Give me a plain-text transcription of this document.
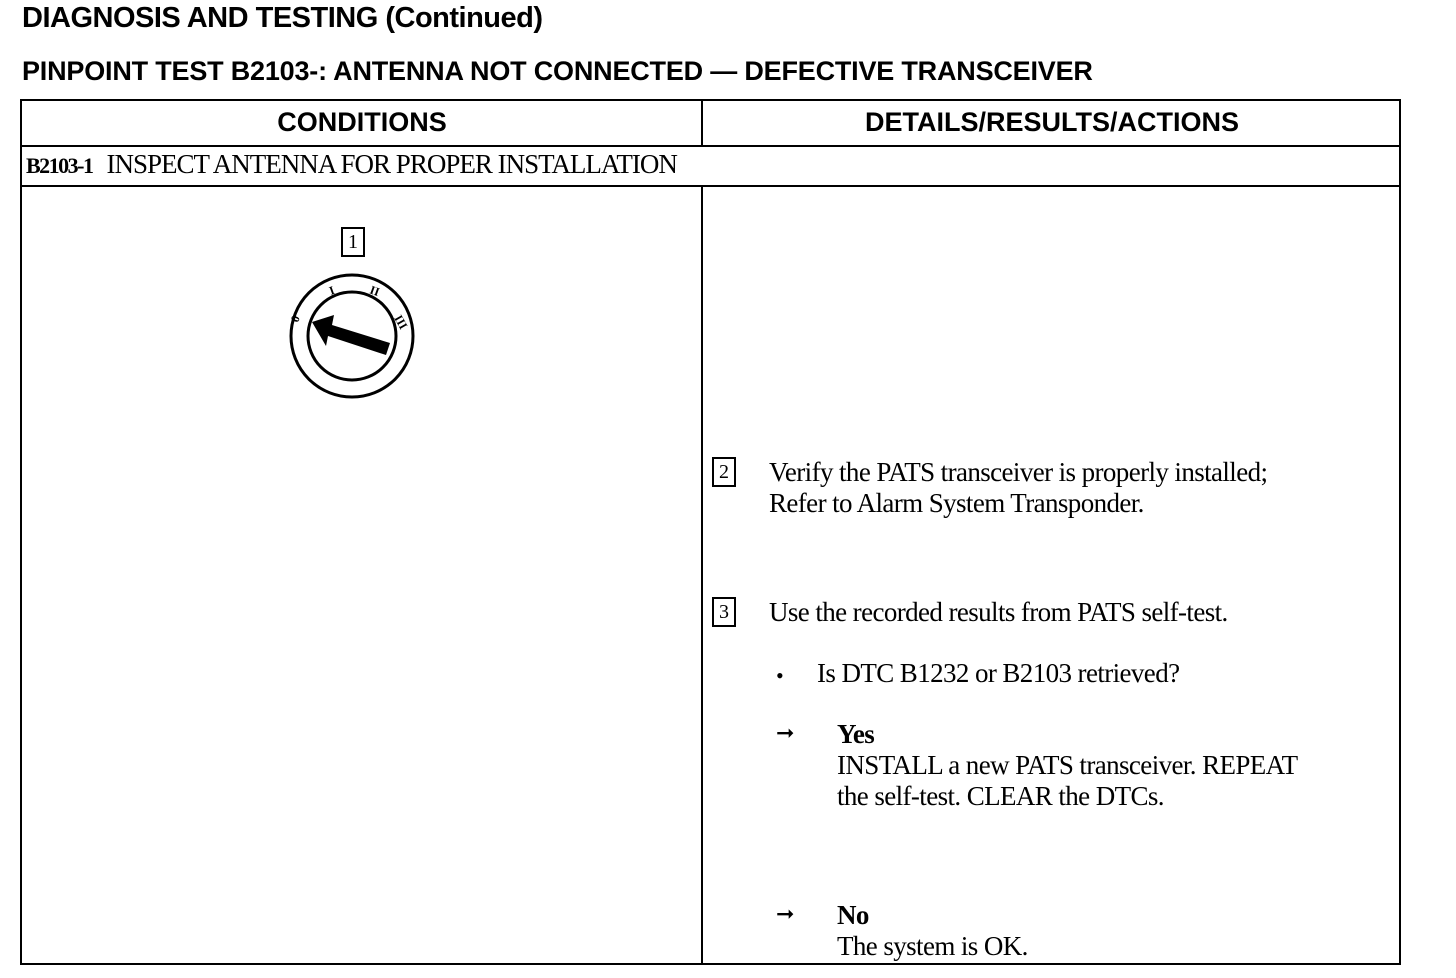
DIAGNOSIS AND TESTING (Continued)
PINPOINT TEST B2103-: ANTENNA NOT CONNECTED — DEFECTIVE TRANSCEIVER
CONDITIONS	DETAILS/RESULTS/ACTIONS
B2103-1 INSPECT ANTENNA FOR PROPER INSTALLATION
1
2 Verify the PATS transceiver is properly installed;
Refer to Alarm System Transponder.
3 Use the recorded results from PATS self-test.
• Is DTC B1232 or B2103 retrieved?
➞ Yes
INSTALL a new PATS transceiver. REPEAT
the self-test. CLEAR the DTCs.
➞ No
The system is OK.
0
I	II
III
